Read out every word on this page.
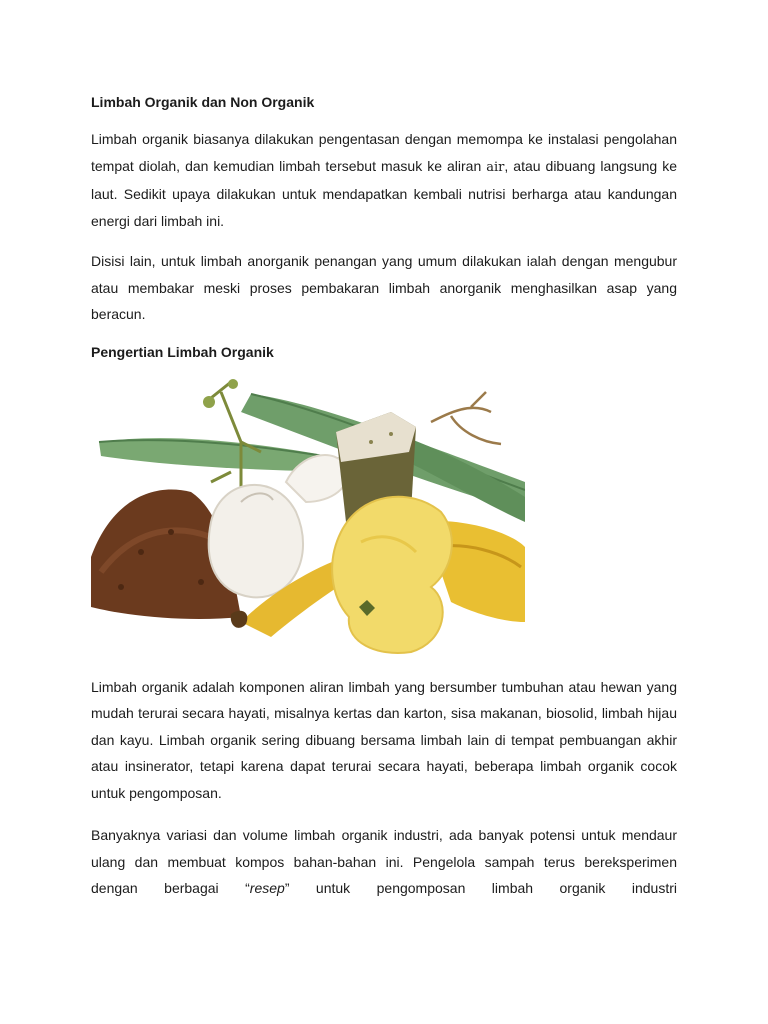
Limbah Organik dan Non Organik

Limbah organik biasanya dilakukan pengentasan dengan memompa ke instalasi pengolahan tempat diolah, dan kemudian limbah tersebut masuk ke aliran air, atau dibuang langsung ke laut. Sedikit upaya dilakukan untuk mendapatkan kembali nutrisi berharga atau kandungan energi dari limbah ini.

Disisi lain, untuk limbah anorganik penangan yang umum dilakukan ialah dengan mengubur atau membakar meski proses pembakaran limbah anorganik menghasilkan asap yang beracun.

Pengertian Limbah Organik

Limbah organik adalah komponen aliran limbah yang bersumber tumbuhan atau hewan yang mudah terurai secara hayati, misalnya kertas dan karton, sisa makanan, biosolid, limbah hijau dan kayu. Limbah organik sering dibuang bersama limbah lain di tempat pembuangan akhir atau insinerator, tetapi karena dapat terurai secara hayati, beberapa limbah organik cocok untuk pengomposan.

Banyaknya variasi dan volume limbah organik industri, ada banyak potensi untuk mendaur ulang dan membuat kompos bahan-bahan ini. Pengelola sampah terus bereksperimen dengan berbagai “resep” untuk pengomposan limbah organik industri
